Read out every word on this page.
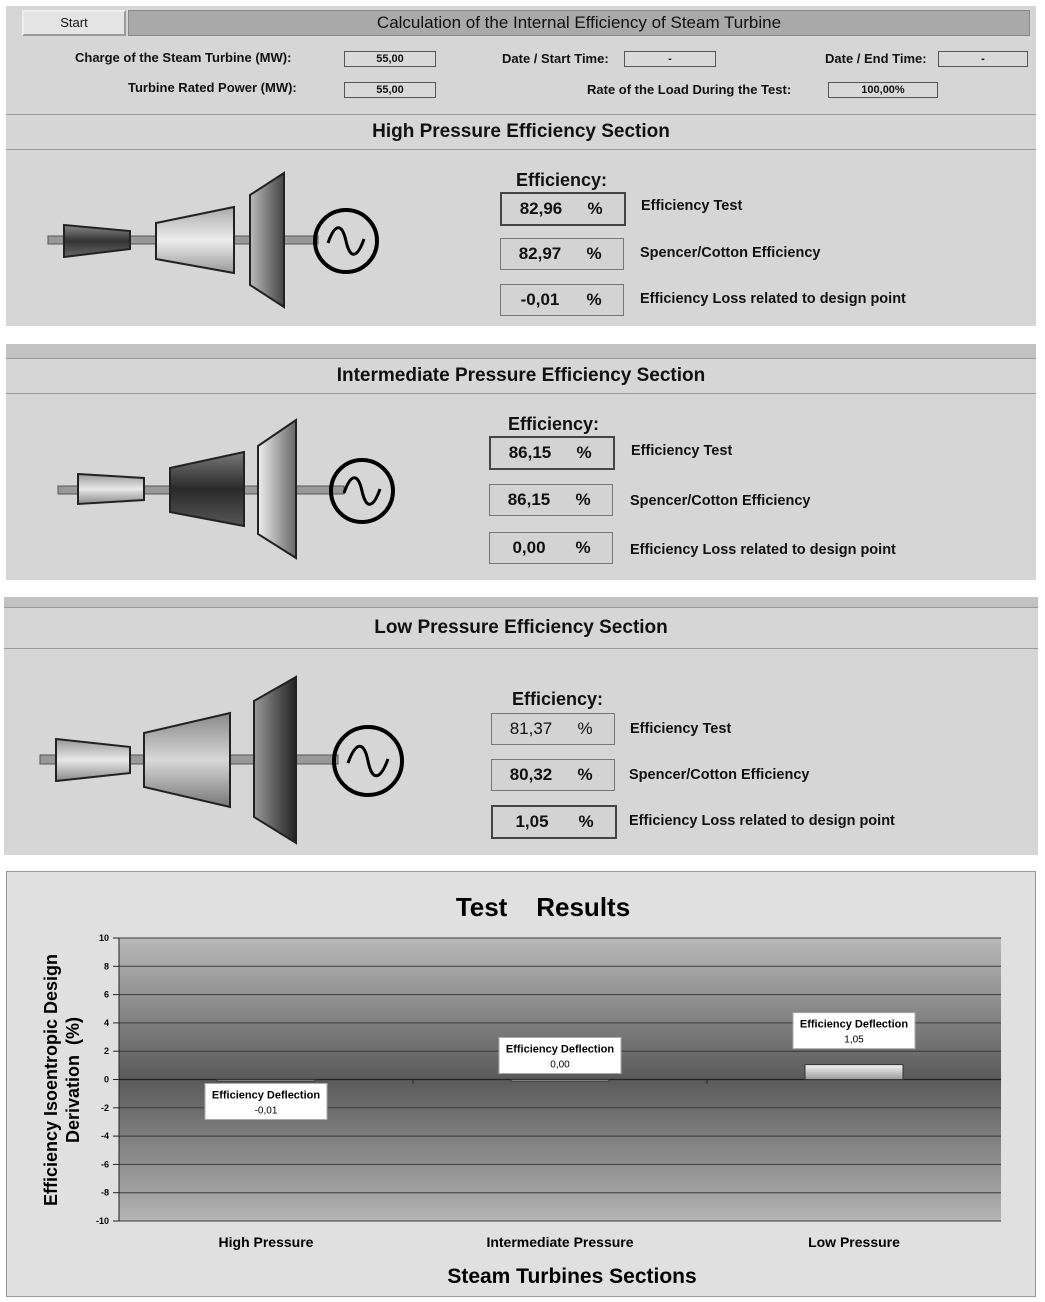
Start	Calculation of the Internal Efficiency of Steam Turbine
Charge of the Steam Turbine (MW):	55,00
Turbine Rated Power (MW):	55,00
Date / Start Time:	-	Date / End Time:	-
Rate of the Load During the Test:	100,00%
High Pressure Efficiency Section
Efficiency:
82,96	%	Efficiency Test
82,97	%	Spencer/Cotton Efficiency
-0,01	%	Efficiency Loss related to design point
Intermediate Pressure Efficiency Section
Efficiency:
86,15	%	Efficiency Test
86,15	%	Spencer/Cotton Efficiency
0,00	%	Efficiency Loss related to design point
Low Pressure Efficiency Section
Efficiency:
81,37	%	Efficiency Test
80,32	%	Spencer/Cotton Efficiency
1,05	%	Efficiency Loss related to design point
-10
-8
-6
-4
-2
0
2
4
6
8
10
High Pressure	Intermediate Pressure	Low Pressure
Efficiency Deflection
-0,01
Efficiency Deflection
0,00
Efficiency Deflection
1,05
Test    Results
Efficiency Isoentropic Design Derivation  (%)
Steam Turbines Sections
